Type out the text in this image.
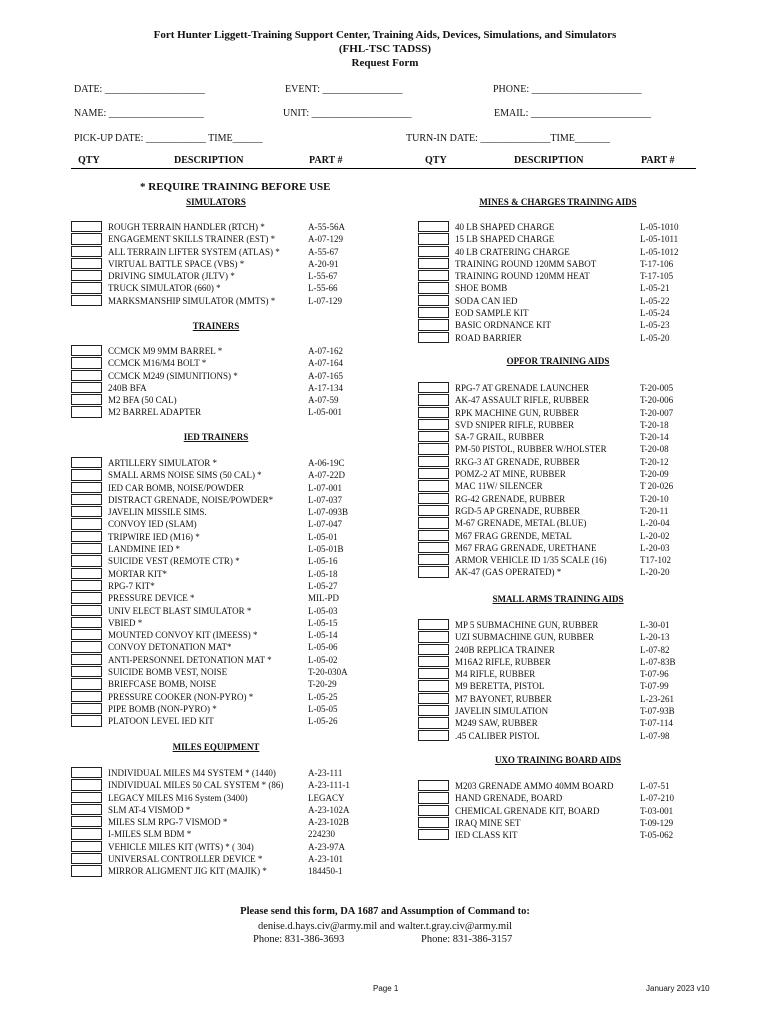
Fort Hunter Liggett-Training Support Center, Training Aids, Devices, Simulations, and Simulators
(FHL-TSC TADSS)
Request Form
DATE: ____________________	EVENT: ________________	PHONE: ______________________
NAME: ___________________	UNIT: ____________________	EMAIL: ________________________
PICK-UP DATE: ____________ TIME______	TURN-IN DATE: ______________TIME_______
QTY	DESCRIPTION	PART #	QTY	DESCRIPTION	PART #
* REQUIRE TRAINING BEFORE USE
SIMULATORS
ROUGH TERRAIN HANDLER (RTCH) *	A-55-56A
ENGAGEMENT SKILLS TRAINER (EST) *	A-07-129
ALL TERRAIN LIFTER SYSTEM (ATLAS) *	A-55-67
VIRTUAL BATTLE SPACE (VBS) *	A-20-91
DRIVING SIMULATOR (JLTV) *	L-55-67
TRUCK SIMULATOR (660) *	L-55-66
MARKSMANSHIP SIMULATOR (MMTS) *	L-07-129
TRAINERS
CCMCK M9 9MM BARREL *	A-07-162
CCMCK M16/M4 BOLT *	A-07-164
CCMCK M249 (SIMUNITIONS) *	A-07-165
240B BFA	A-17-134
M2 BFA (50 CAL)	A-07-59
M2 BARREL ADAPTER	L-05-001
IED TRAINERS
ARTILLERY SIMULATOR *	A-06-19C
SMALL ARMS NOISE SIMS (50 CAL) *	A-07-22D
IED CAR BOMB, NOISE/POWDER	L-07-001
DISTRACT GRENADE, NOISE/POWDER*	L-07-037
JAVELIN MISSILE SIMS.	L-07-093B
CONVOY IED (SLAM)	L-07-047
TRIPWIRE IED (M16) *	L-05-01
LANDMINE IED *	L-05-01B
SUICIDE VEST (REMOTE CTR) *	L-05-16
MORTAR KIT*	L-05-18
RPG-7 KIT*	L-05-27
PRESSURE DEVICE *	MIL-PD
UNIV ELECT BLAST SIMULATOR *	L-05-03
VBIED *	L-05-15
MOUNTED CONVOY KIT (IMEESS) *	L-05-14
CONVOY DETONATION MAT*	L-05-06
ANTI-PERSONNEL DETONATION MAT *	L-05-02
SUICIDE BOMB VEST, NOISE	T-20-030A
BRIEFCASE BOMB, NOISE	T-20-29
PRESSURE COOKER (NON-PYRO) *	L-05-25
PIPE BOMB (NON-PYRO) *	L-05-05
PLATOON LEVEL IED KIT	L-05-26
MILES EQUIPMENT
INDIVIDUAL MILES M4 SYSTEM * (1440)	A-23-111
INDIVIDUAL MILES 50 CAL SYSTEM * (86)	A-23-111-1
LEGACY MILES M16 System (3400)	LEGACY
SLM AT-4 VISMOD *	A-23-102A
MILES SLM RPG-7 VISMOD *	A-23-102B
I-MILES SLM BDM *	224230
VEHICLE MILES KIT (WITS) * ( 304)	A-23-97A
UNIVERSAL CONTROLLER DEVICE *	A-23-101
MIRROR ALIGMENT JIG KIT (MAJIK) *	184450-1
MINES & CHARGES TRAINING AIDS
40 LB SHAPED CHARGE	L-05-1010
15 LB SHAPED CHARGE	L-05-1011
40 LB CRATERING CHARGE	L-05-1012
TRAINING ROUND 120MM SABOT	T-17-106
TRAINING ROUND 120MM HEAT	T-17-105
SHOE BOMB	L-05-21
SODA CAN IED	L-05-22
EOD SAMPLE KIT	L-05-24
BASIC ORDNANCE KIT	L-05-23
ROAD BARRIER	L-05-20
OPFOR TRAINING AIDS
RPG-7 AT GRENADE LAUNCHER	T-20-005
AK-47 ASSAULT RIFLE, RUBBER	T-20-006
RPK MACHINE GUN, RUBBER	T-20-007
SVD SNIPER RIFLE, RUBBER	T-20-18
SA-7 GRAIL, RUBBER	T-20-14
PM-50 PISTOL, RUBBER W/HOLSTER	T-20-08
RKG-3 AT GRENADE, RUBBER	T-20-12
POMZ-2 AT MINE, RUBBER	T-20-09
MAC 11W/ SILENCER	T 20-026
RG-42 GRENADE, RUBBER	T-20-10
RGD-5 AP GRENADE, RUBBER	T-20-11
M-67 GRENADE, METAL (BLUE)	L-20-04
M67 FRAG GRENDE, METAL	L-20-02
M67 FRAG GRENADE, URETHANE	L-20-03
ARMOR VEHICLE ID 1/35 SCALE (16)	T17-102
AK-47 (GAS OPERATED) *	L-20-20
SMALL ARMS TRAINING AIDS
MP 5 SUBMACHINE GUN, RUBBER	L-30-01
UZI SUBMACHINE GUN, RUBBER	L-20-13
240B REPLICA TRAINER	L-07-82
M16A2 RIFLE, RUBBER	L-07-83B
M4 RIFLE, RUBBER	T-07-96
M9 BERETTA, PISTOL	T-07-99
M7 BAYONET, RUBBER	L-23-261
JAVELIN SIMULATION	T-07-93B
M249 SAW, RUBBER	T-07-114
.45 CALIBER PISTOL	L-07-98
UXO TRAINING BOARD AIDS
M203 GRENADE AMMO 40MM BOARD	L-07-51
HAND GRENADE, BOARD	L-07-210
CHEMICAL GRENADE KIT, BOARD	T-03-001
IRAQ MINE SET	T-09-129
IED CLASS KIT	T-05-062
Please send this form, DA 1687 and Assumption of Command to:
denise.d.hays.civ@army.mil and walter.t.gray.civ@army.mil
Phone: 831-386-3693	Phone: 831-386-3157
Page 1	January 2023 v10
